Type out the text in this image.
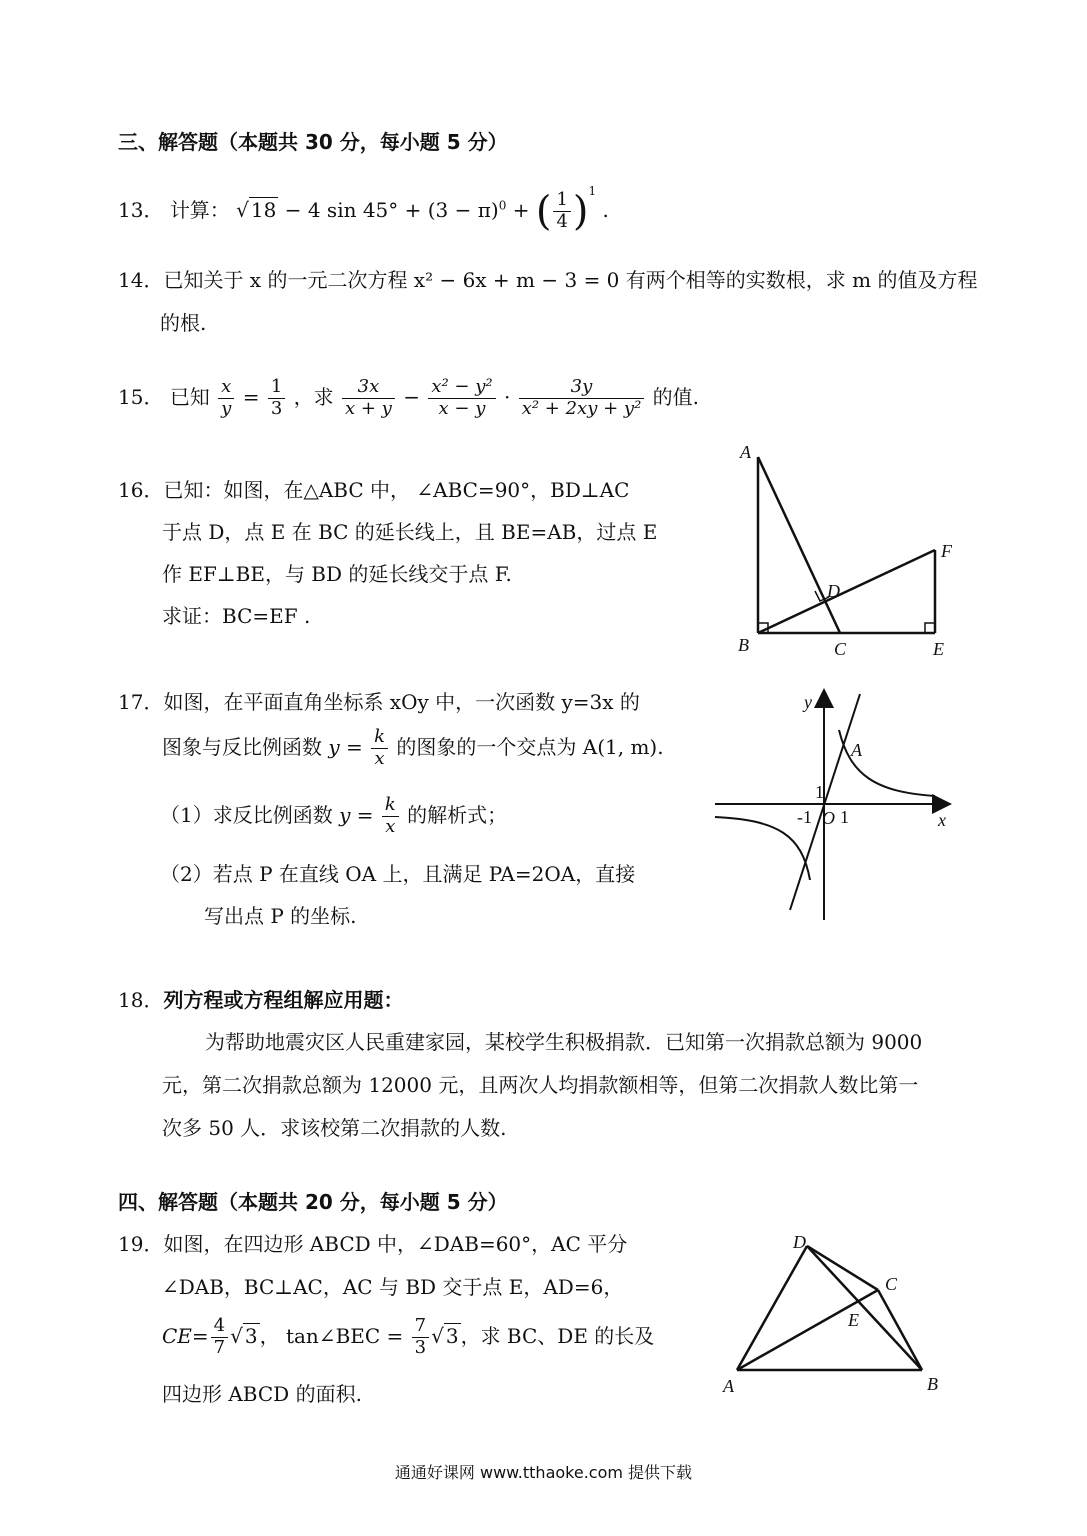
三、解答题（本题共 30 分，每小题 5 分）
13． 计算： √ 18 − 4 $\sin 45^\circ + (3 - \pi)^0$ + ( $\frac{1}{4} )^1$ .
14．已知关于 x 的一元二次方程 x² − 6x + m − 3 = 0 有两个相等的实数根，求 m 的值及方程
的根.
15． 已知 $\frac{x}{y} = \frac{1}{3}$ ，求 $\frac{3x}{x + y} - \frac{\text{x² − y²}}{x - y} \cdot \frac{3y}{\text{x² + 2xy + y²}}$ 的值.
16．已知：如图，在△ABC 中， ∠ABC=90°，BD⊥AC
于点 D，点 E 在 BC 的延长线上，且 BE=AB，过点 E
作 EF⊥BE，与 BD 的延长线交于点 F.
求证：BC=EF .
A
B	C
D
E
F
17．如图，在平面直角坐标系 xOy 中，一次函数 y=3x 的
图象与反比例函数 $y = \frac{k}{x}$ 的图象的一个交点为 A(1, m).
（1）求反比例函数 $y = \frac{k}{x}$ 的解析式；
（2）若点 P 在直线 OA 上，且满足 PA=2OA，直接
写出点 P 的坐标.
y
x
A
O
1
-1 1
18．列方程或方程组解应用题：
为帮助地震灾区人民重建家园，某校学生积极捐款．已知第一次捐款总额为 9000
元，第二次捐款总额为 12000 元，且两次人均捐款额相等，但第二次捐款人数比第一
次多 50 人．求该校第二次捐款的人数.
四、解答题（本题共 20 分，每小题 5 分）
19．如图，在四边形 ABCD 中，∠DAB=60°，AC 平分
∠DAB，BC⊥AC，AC 与 BD 交于点 E，AD=6，
$CE= \frac{4}{7}$ √ 3 ， tan∠BEC = $\frac{7}{3}$ √ 3 ，求 BC、DE 的长及
四边形 ABCD 的面积.	A	B
C
D
E
通通好课网 www.tthaoke.com 提供下载
